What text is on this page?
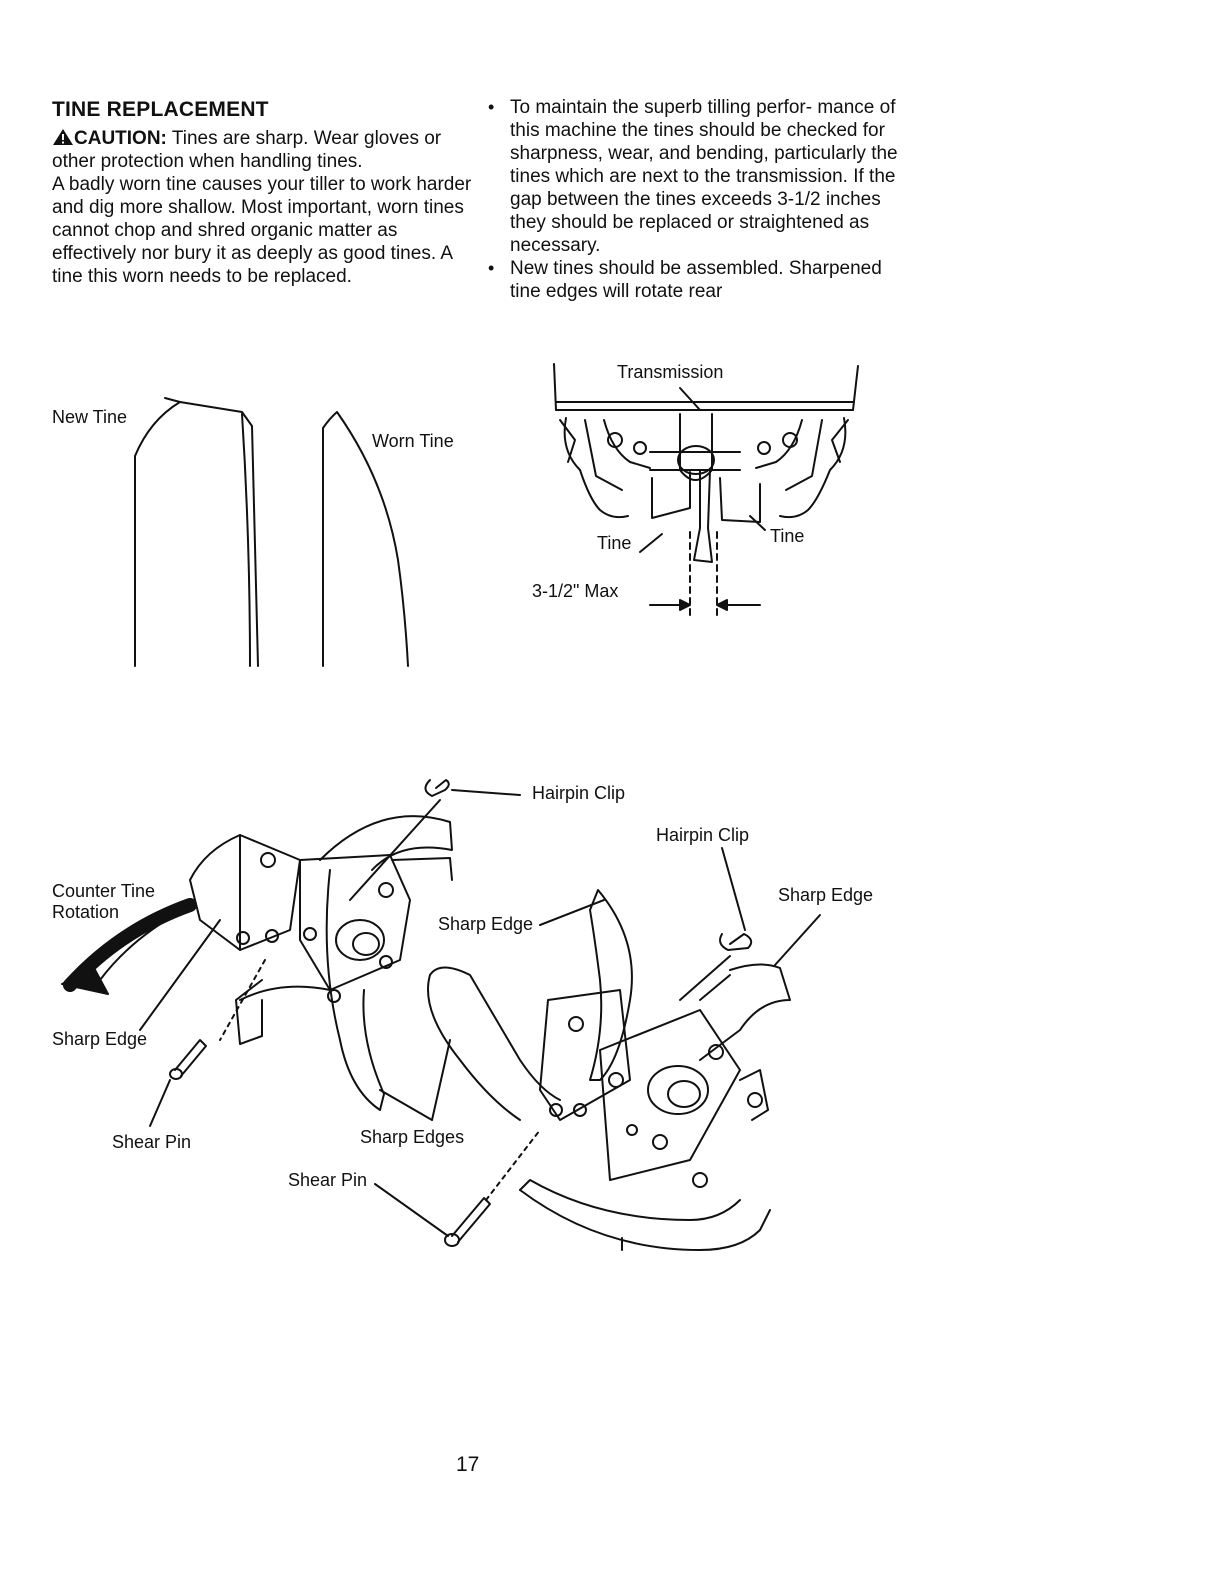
TINE REPLACEMENT

CAUTION: Tines are sharp. Wear gloves or other protection when handling tines.

A badly worn tine causes your tiller to work harder and dig more shallow. Most important, worn tines cannot chop and shred organic matter as effectively nor bury it as deeply as good tines. A tine this worn needs to be replaced.

• To maintain the superb tilling perfor- mance of this machine the tines should be checked for sharpness, wear, and bending, particularly the tines which are next to the transmission. If the gap between the tines exceeds 3-1/2 inches they should be replaced or straightened as necessary.
• New tines should be assembled. Sharpened tine edges will rotate rear
New Tine
Worn Tine
Transmission
Tine	Tine
3-1/2" Max
Hairpin Clip
Hairpin Clip
Counter Tine
Rotation
Sharp Edge
Sharp Edge
Sharp Edge
Shear Pin	Sharp Edges
Shear Pin
17
